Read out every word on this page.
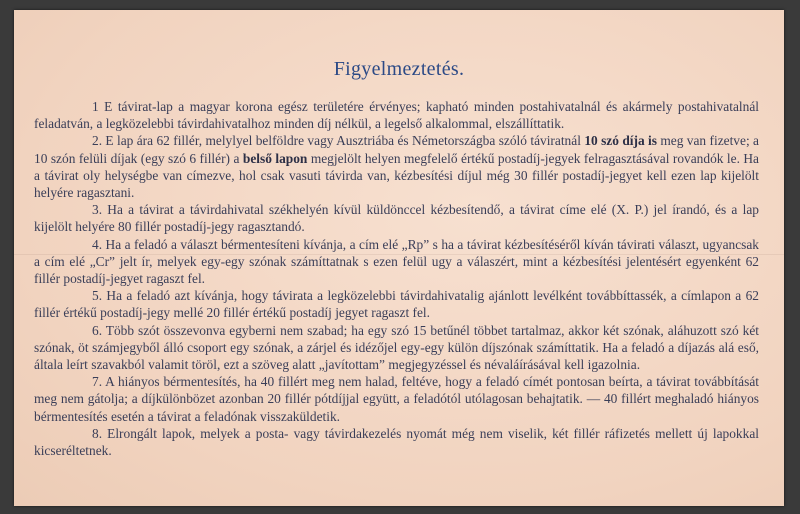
Figyelmeztetés.

1 E távirat-lap a magyar korona egész területére érvényes; kapható minden postahivatalnál és akármely postahivatalnál feladatván, a legközelebbi távirdahivatalhoz minden díj nélkül, a legelső alkalommal, elszállíttatik.

2. E lap ára 62 fillér, melylyel belföldre vagy Ausztriába és Németországba szóló táviratnál 10 szó díja is meg van fizetve; a 10 szón felüli díjak (egy szó 6 fillér) a belső lapon megjelölt helyen megfelelő értékű postadíj-jegyek felragasztásával rovandók le. Ha a távirat oly helységbe van címezve, hol csak vasuti távirda van, kézbesítési díjul még 30 fillér postadíj-jegyet kell ezen lap kijelölt helyére ragasztani.

3. Ha a távirat a távirdahivatal székhelyén kívül küldönccel kézbesítendő, a távirat címe elé (X. P.) jel írandó, és a lap kijelölt helyére 80 fillér postadíj-jegy ragasztandó.

4. Ha a feladó a választ bérmentesíteni kívánja, a cím elé „Rp” s ha a távirat kézbesítéséről kíván távirati választ, ugyancsak a cím elé „Cr” jelt ír, melyek egy-egy szónak számíttatnak s ezen felül ugy a válaszért, mint a kézbesítési jelentésért egyenként 62 fillér postadíj-jegyet ragaszt fel.

5. Ha a feladó azt kívánja, hogy távirata a legközelebbi távirdahivatalig ajánlott levélként továbbíttassék, a címlapon a 62 fillér értékű postadíj-jegy mellé 20 fillér értékű postadíj jegyet ragaszt fel.

6. Több szót összevonva egyberni nem szabad; ha egy szó 15 betűnél többet tartalmaz, akkor két szónak, aláhuzott szó két szónak, öt számjegyből álló csoport egy szónak, a zárjel és idézőjel egy-egy külön díjszónak számíttatik. Ha a feladó a díjazás alá eső, általa leírt szavakból valamit töröl, ezt a szöveg alatt „javítottam” megjegyzéssel és névaláírásával kell igazolnia.

7. A hiányos bérmentesítés, ha 40 fillért meg nem halad, feltéve, hogy a feladó címét pontosan beírta, a távirat továbbítását meg nem gátolja; a díjkülönbözet azonban 20 fillér pótdíjjal együtt, a feladótól utólagosan behajtatik. — 40 fillért meghaladó hiányos bérmentesítés esetén a távirat a feladónak visszaküldetik.

8. Elrongált lapok, melyek a posta- vagy távirdakezelés nyomát még nem viselik, két fillér ráfizetés mellett új lapokkal kicseréltetnek.
